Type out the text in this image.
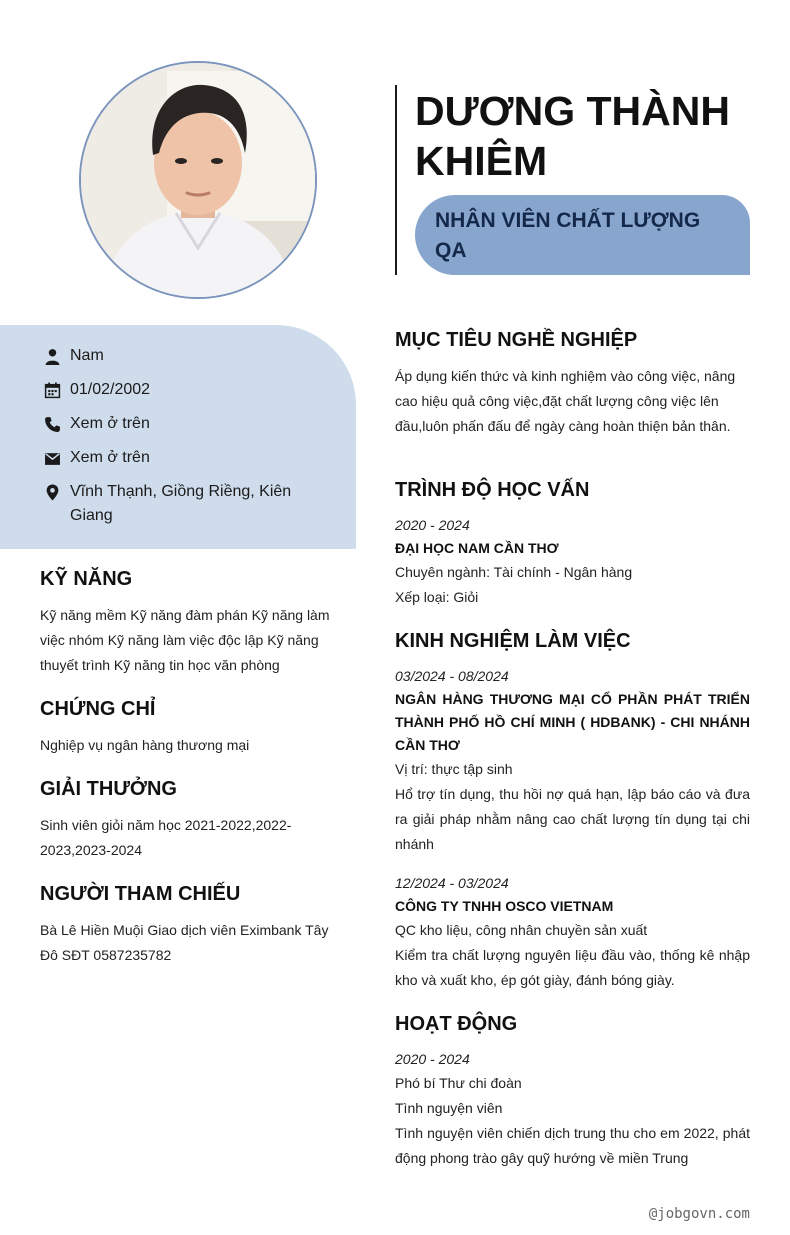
DƯƠNG THÀNH KHIÊM

NHÂN VIÊN CHẤT LƯỢNG QA

Nam
01/02/2002
Xem ở trên
Xem ở trên
Vĩnh Thạnh, Giồng Riềng, Kiên Giang
KỸ NĂNG

Kỹ năng mềm Kỹ năng đàm phán Kỹ năng làm việc nhóm Kỹ năng làm việc độc lập Kỹ năng thuyết trình Kỹ năng tin học văn phòng

CHỨNG CHỈ

Nghiệp vụ ngân hàng thương mại

GIẢI THƯỞNG

Sinh viên giỏi năm học 2021-2022,2022-2023,2023-2024

NGƯỜI THAM CHIẾU

Bà Lê Hiền Muội Giao dịch viên Eximbank Tây Đô SĐT 0587235782

MỤC TIÊU NGHỀ NGHIỆP

Áp dụng kiến thức và kinh nghiệm vào công việc, nâng cao hiệu quả công việc,đặt chất lượng công việc lên đầu,luôn phấn đấu để ngày càng hoàn thiện bản thân.

TRÌNH ĐỘ HỌC VẤN

2020 - 2024

ĐẠI HỌC NAM CẦN THƠ

Chuyên ngành: Tài chính - Ngân hàng

Xếp loại: Giỏi

KINH NGHIỆM LÀM VIỆC

03/2024 - 08/2024

NGÂN HÀNG THƯƠNG MẠI CỔ PHẦN PHÁT TRIỂN THÀNH PHỐ HỒ CHÍ MINH ( HDBANK) - CHI NHÁNH CẦN THƠ

Vị trí: thực tập sinh

Hổ trợ tín dụng, thu hồi nợ quá hạn, lập báo cáo và đưa ra giải pháp nhằm nâng cao chất lượng tín dụng tại chi nhánh

12/2024 - 03/2024

CÔNG TY TNHH OSCO VIETNAM

QC kho liệu, công nhân chuyền sản xuất

Kiểm tra chất lượng nguyên liệu đầu vào, thống kê nhập kho và xuất kho, ép gót giày, đánh bóng giày.

HOẠT ĐỘNG

2020 - 2024

Phó bí Thư chi đoàn

Tình nguyện viên

Tình nguyện viên chiến dịch trung thu cho em 2022, phát động phong trào gây quỹ hướng về miền Trung

@jobgovn.com
